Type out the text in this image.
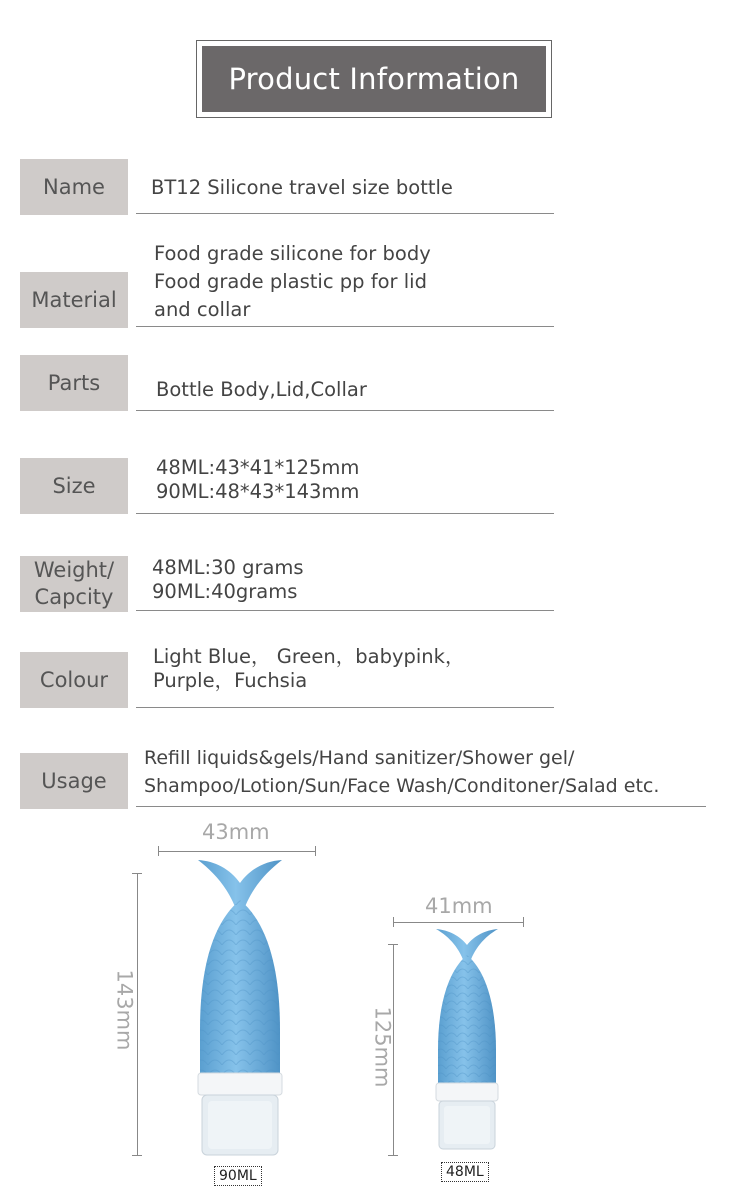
Product Information
Name	BT12 Silicone travel size bottle
Material
Food grade silicone for body
Food grade plastic pp for lid
and collar
Parts	Bottle Body,Lid,Collar
Size
48ML:43*41*125mm
90ML:48*43*143mm
Weight/
Capcity
48ML:30 grams
90ML:40grams
Colour
Light Blue， Green，babypink，
Purple，Fuchsia
Usage
Refill liquids&gels/Hand sanitizer/Shower gel/
Shampoo/Lotion/Sun/Face Wash/Conditoner/Salad etc.
43mm
143mm
90ML
41mm
125mm
48ML
